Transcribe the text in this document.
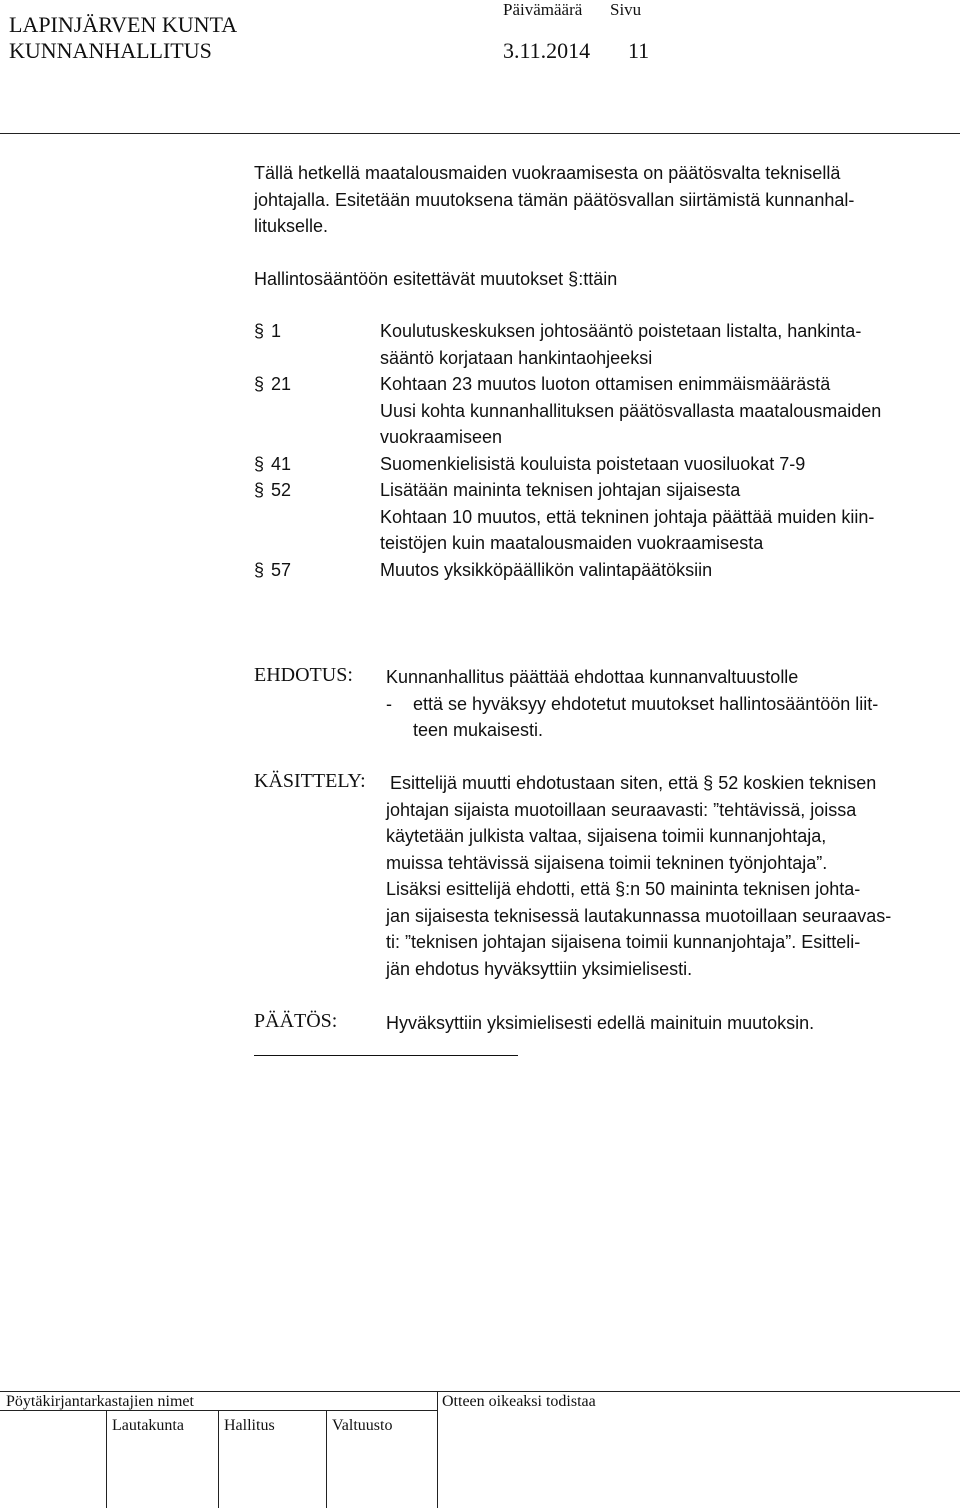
Päivämäärä Sivu
LAPINJÄRVEN KUNTA
KUNNANHALLITUS	3.11.2014 11
Tällä hetkellä maatalousmaiden vuokraamisesta on päätösvalta teknisellä
johtajalla. Esitetään muutoksena tämän päätösvallan siirtämistä kunnanhal-
litukselle.
Hallintosääntöön esitettävät muutokset §:ttäin
§ 1	Koulutuskeskuksen johtosääntö poistetaan listalta, hankinta-
sääntö korjataan hankintaohjeeksi
§ 21	Kohtaan 23 muutos luoton ottamisen enimmäismäärästä
Uusi kohta kunnanhallituksen päätösvallasta maatalousmaiden
vuokraamiseen
§ 41	Suomenkielisistä kouluista poistetaan vuosiluokat 7-9
§ 52	Lisätään maininta teknisen johtajan sijaisesta
Kohtaan 10 muutos, että tekninen johtaja päättää muiden kiin-
teistöjen kuin maatalousmaiden vuokraamisesta
§ 57	Muutos yksikköpäällikön valintapäätöksiin
EHDOTUS: Kunnanhallitus päättää ehdottaa kunnanvaltuustolle
- että se hyväksyy ehdotetut muutokset hallintosääntöön liit-
teen mukaisesti.
KÄSITTELY: Esittelijä muutti ehdotustaan siten, että § 52 koskien teknisen
johtajan sijaista muotoillaan seuraavasti: ”tehtävissä, joissa
käytetään julkista valtaa, sijaisena toimii kunnanjohtaja,
muissa tehtävissä sijaisena toimii tekninen työnjohtaja”.
Lisäksi esittelijä ehdotti, että §:n 50 maininta teknisen johta-
jan sijaisesta teknisessä lautakunnassa muotoillaan seuraavas-
ti: ”teknisen johtajan sijaisena toimii kunnanjohtaja”. Esitteli-
jän ehdotus hyväksyttiin yksimielisesti.
PÄÄTÖS:	Hyväksyttiin yksimielisesti edellä mainituin muutoksin.
Pöytäkirjantarkastajien nimet	Otteen oikeaksi todistaa
Lautakunta	Hallitus	Valtuusto
